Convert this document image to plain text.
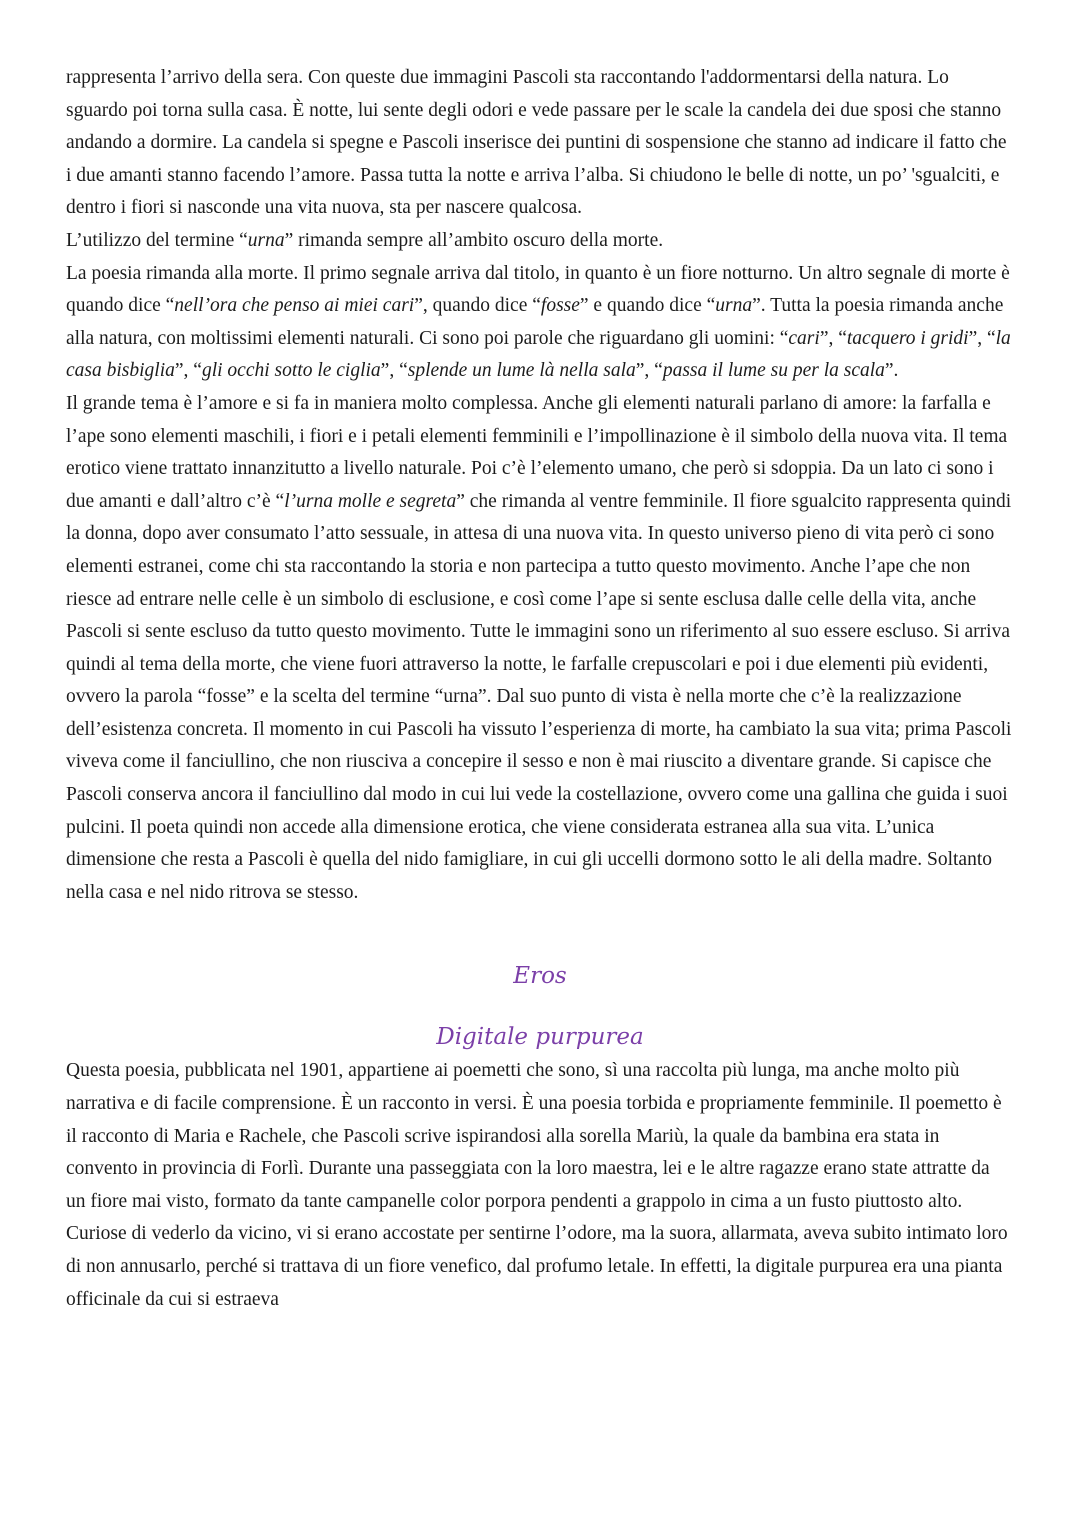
rappresenta l’arrivo della sera. Con queste due immagini Pascoli sta raccontando l'addormentarsi della natura. Lo sguardo poi torna sulla casa. È notte, lui sente degli odori e vede passare per le scale la candela dei due sposi che stanno andando a dormire. La candela si spegne e Pascoli inserisce dei puntini di sospensione che stanno ad indicare il fatto che i due amanti stanno facendo l’amore. Passa tutta la notte e arriva l’alba. Si chiudono le belle di notte, un po’ 'sgualciti, e dentro i fiori si nasconde una vita nuova, sta per nascere qualcosa.

L’utilizzo del termine “urna” rimanda sempre all’ambito oscuro della morte.

La poesia rimanda alla morte. Il primo segnale arriva dal titolo, in quanto è un fiore notturno. Un altro segnale di morte è quando dice “nell’ora che penso ai miei cari”, quando dice “fosse” e quando dice “urna”. Tutta la poesia rimanda anche alla natura, con moltissimi elementi naturali. Ci sono poi parole che riguardano gli uomini: “cari”, “tacquero i gridi”, “la casa bisbiglia”, “gli occhi sotto le ciglia”, “splende un lume là nella sala”, “passa il lume su per la scala”.

Il grande tema è l’amore e si fa in maniera molto complessa. Anche gli elementi naturali parlano di amore: la farfalla e l’ape sono elementi maschili, i fiori e i petali elementi femminili e l’impollinazione è il simbolo della nuova vita. Il tema erotico viene trattato innanzitutto a livello naturale. Poi c’è l’elemento umano, che però si sdoppia. Da un lato ci sono i due amanti e dall’altro c’è “l’urna molle e segreta” che rimanda al ventre femminile. Il fiore sgualcito rappresenta quindi la donna, dopo aver consumato l’atto sessuale, in attesa di una nuova vita. In questo universo pieno di vita però ci sono elementi estranei, come chi sta raccontando la storia e non partecipa a tutto questo movimento. Anche l’ape che non riesce ad entrare nelle celle è un simbolo di esclusione, e così come l’ape si sente esclusa dalle celle della vita, anche Pascoli si sente escluso da tutto questo movimento. Tutte le immagini sono un riferimento al suo essere escluso. Si arriva quindi al tema della morte, che viene fuori attraverso la notte, le farfalle crepuscolari e poi i due elementi più evidenti, ovvero la parola “fosse” e la scelta del termine “urna”. Dal suo punto di vista è nella morte che c’è la realizzazione dell’esistenza concreta. Il momento in cui Pascoli ha vissuto l’esperienza di morte, ha cambiato la sua vita; prima Pascoli viveva come il fanciullino, che non riusciva a concepire il sesso e non è mai riuscito a diventare grande. Si capisce che Pascoli conserva ancora il fanciullino dal modo in cui lui vede la costellazione, ovvero come una gallina che guida i suoi pulcini. Il poeta quindi non accede alla dimensione erotica, che viene considerata estranea alla sua vita. L’unica dimensione che resta a Pascoli è quella del nido famigliare, in cui gli uccelli dormono sotto le ali della madre. Soltanto nella casa e nel nido ritrova se stesso.

Eros
Digitale purpurea

Questa poesia, pubblicata nel 1901, appartiene ai poemetti che sono, sì una raccolta più lunga, ma anche molto più narrativa e di facile comprensione. È un racconto in versi. È una poesia torbida e propriamente femminile. Il poemetto è il racconto di Maria e Rachele, che Pascoli scrive ispirandosi alla sorella Mariù, la quale da bambina era stata in convento in provincia di Forlì. Durante una passeggiata con la loro maestra, lei e le altre ragazze erano state attratte da un fiore mai visto, formato da tante campanelle color porpora pendenti a grappolo in cima a un fusto piuttosto alto. Curiose di vederlo da vicino, vi si erano accostate per sentirne l’odore, ma la suora, allarmata, aveva subito intimato loro di non annusarlo, perché si trattava di un fiore venefico, dal profumo letale. In effetti, la digitale purpurea era una pianta officinale da cui si estraeva
